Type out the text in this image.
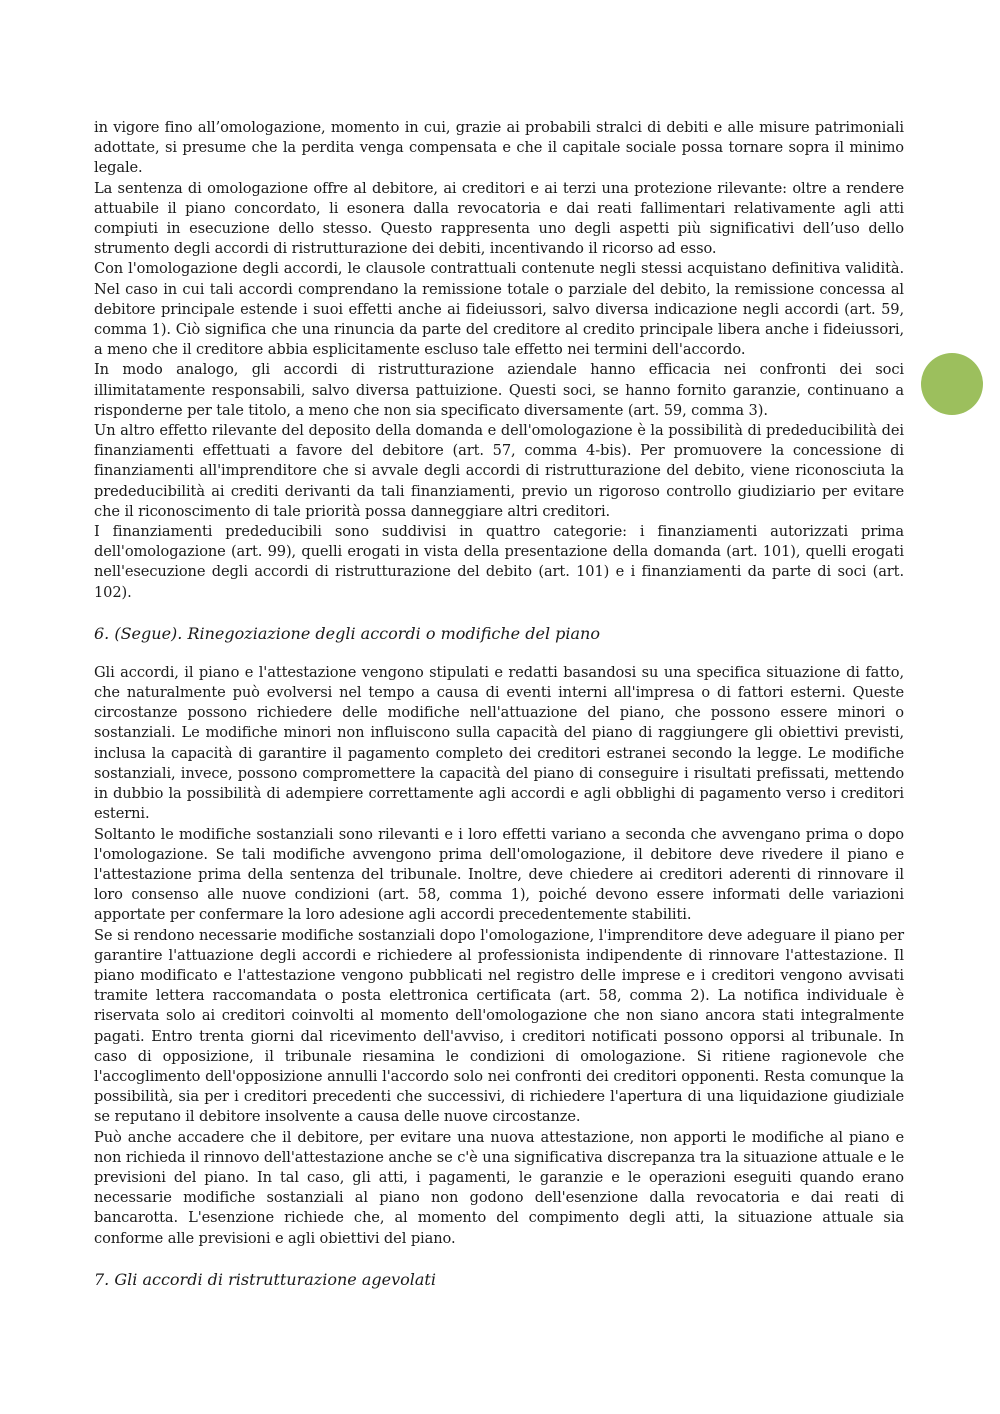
in vigore fino all’omologazione, momento in cui, grazie ai probabili stralci di debiti e alle misure patrimoniali adottate, si presume che la perdita venga compensata e che il capitale sociale possa tornare sopra il minimo legale.

La sentenza di omologazione offre al debitore, ai creditori e ai terzi una protezione rilevante: oltre a rendere attuabile il piano concordato, li esonera dalla revocatoria e dai reati fallimentari relativamente agli atti compiuti in esecuzione dello stesso. Questo rappresenta uno degli aspetti più significativi dell’uso dello strumento degli accordi di ristrutturazione dei debiti, incentivando il ricorso ad esso.

Con l'omologazione degli accordi, le clausole contrattuali contenute negli stessi acquistano definitiva validità. Nel caso in cui tali accordi comprendano la remissione totale o parziale del debito, la remissione concessa al debitore principale estende i suoi effetti anche ai fideiussori, salvo diversa indicazione negli accordi (art. 59, comma 1). Ciò significa che una rinuncia da parte del creditore al credito principale libera anche i fideiussori, a meno che il creditore abbia esplicitamente escluso tale effetto nei termini dell'accordo.

In modo analogo, gli accordi di ristrutturazione aziendale hanno efficacia nei confronti dei soci illimitatamente responsabili, salvo diversa pattuizione. Questi soci, se hanno fornito garanzie, continuano a risponderne per tale titolo, a meno che non sia specificato diversamente (art. 59, comma 3).

Un altro effetto rilevante del deposito della domanda e dell'omologazione è la possibilità di prededucibilità dei finanziamenti effettuati a favore del debitore (art. 57, comma 4-bis). Per promuovere la concessione di finanziamenti all'imprenditore che si avvale degli accordi di ristrutturazione del debito, viene riconosciuta la prededucibilità ai crediti derivanti da tali finanziamenti, previo un rigoroso controllo giudiziario per evitare che il riconoscimento di tale priorità possa danneggiare altri creditori.

I finanziamenti prededucibili sono suddivisi in quattro categorie: i finanziamenti autorizzati prima dell'omologazione (art. 99), quelli erogati in vista della presentazione della domanda (art. 101), quelli erogati nell'esecuzione degli accordi di ristrutturazione del debito (art. 101) e i finanziamenti da parte di soci (art. 102).

6. (Segue). Rinegoziazione degli accordi o modifiche del piano

Gli accordi, il piano e l'attestazione vengono stipulati e redatti basandosi su una specifica situazione di fatto, che naturalmente può evolversi nel tempo a causa di eventi interni all'impresa o di fattori esterni. Queste circostanze possono richiedere delle modifiche nell'attuazione del piano, che possono essere minori o sostanziali. Le modifiche minori non influiscono sulla capacità del piano di raggiungere gli obiettivi previsti, inclusa la capacità di garantire il pagamento completo dei creditori estranei secondo la legge. Le modifiche sostanziali, invece, possono compromettere la capacità del piano di conseguire i risultati prefissati, mettendo in dubbio la possibilità di adempiere correttamente agli accordi e agli obblighi di pagamento verso i creditori esterni.

Soltanto le modifiche sostanziali sono rilevanti e i loro effetti variano a seconda che avvengano prima o dopo l'omologazione. Se tali modifiche avvengono prima dell'omologazione, il debitore deve rivedere il piano e l'attestazione prima della sentenza del tribunale. Inoltre, deve chiedere ai creditori aderenti di rinnovare il loro consenso alle nuove condizioni (art. 58, comma 1), poiché devono essere informati delle variazioni apportate per confermare la loro adesione agli accordi precedentemente stabiliti.

Se si rendono necessarie modifiche sostanziali dopo l'omologazione, l'imprenditore deve adeguare il piano per garantire l'attuazione degli accordi e richiedere al professionista indipendente di rinnovare l'attestazione. Il piano modificato e l'attestazione vengono pubblicati nel registro delle imprese e i creditori vengono avvisati tramite lettera raccomandata o posta elettronica certificata (art. 58, comma 2). La notifica individuale è riservata solo ai creditori coinvolti al momento dell'omologazione che non siano ancora stati integralmente pagati. Entro trenta giorni dal ricevimento dell'avviso, i creditori notificati possono opporsi al tribunale. In caso di opposizione, il tribunale riesamina le condizioni di omologazione. Si ritiene ragionevole che l'accoglimento dell'opposizione annulli l'accordo solo nei confronti dei creditori opponenti. Resta comunque la possibilità, sia per i creditori precedenti che successivi, di richiedere l'apertura di una liquidazione giudiziale se reputano il debitore insolvente a causa delle nuove circostanze.

Può anche accadere che il debitore, per evitare una nuova attestazione, non apporti le modifiche al piano e non richieda il rinnovo dell'attestazione anche se c'è una significativa discrepanza tra la situazione attuale e le previsioni del piano. In tal caso, gli atti, i pagamenti, le garanzie e le operazioni eseguiti quando erano necessarie modifiche sostanziali al piano non godono dell'esenzione dalla revocatoria e dai reati di bancarotta. L'esenzione richiede che, al momento del compimento degli atti, la situazione attuale sia conforme alle previsioni e agli obiettivi del piano.

7. Gli accordi di ristrutturazione agevolati
